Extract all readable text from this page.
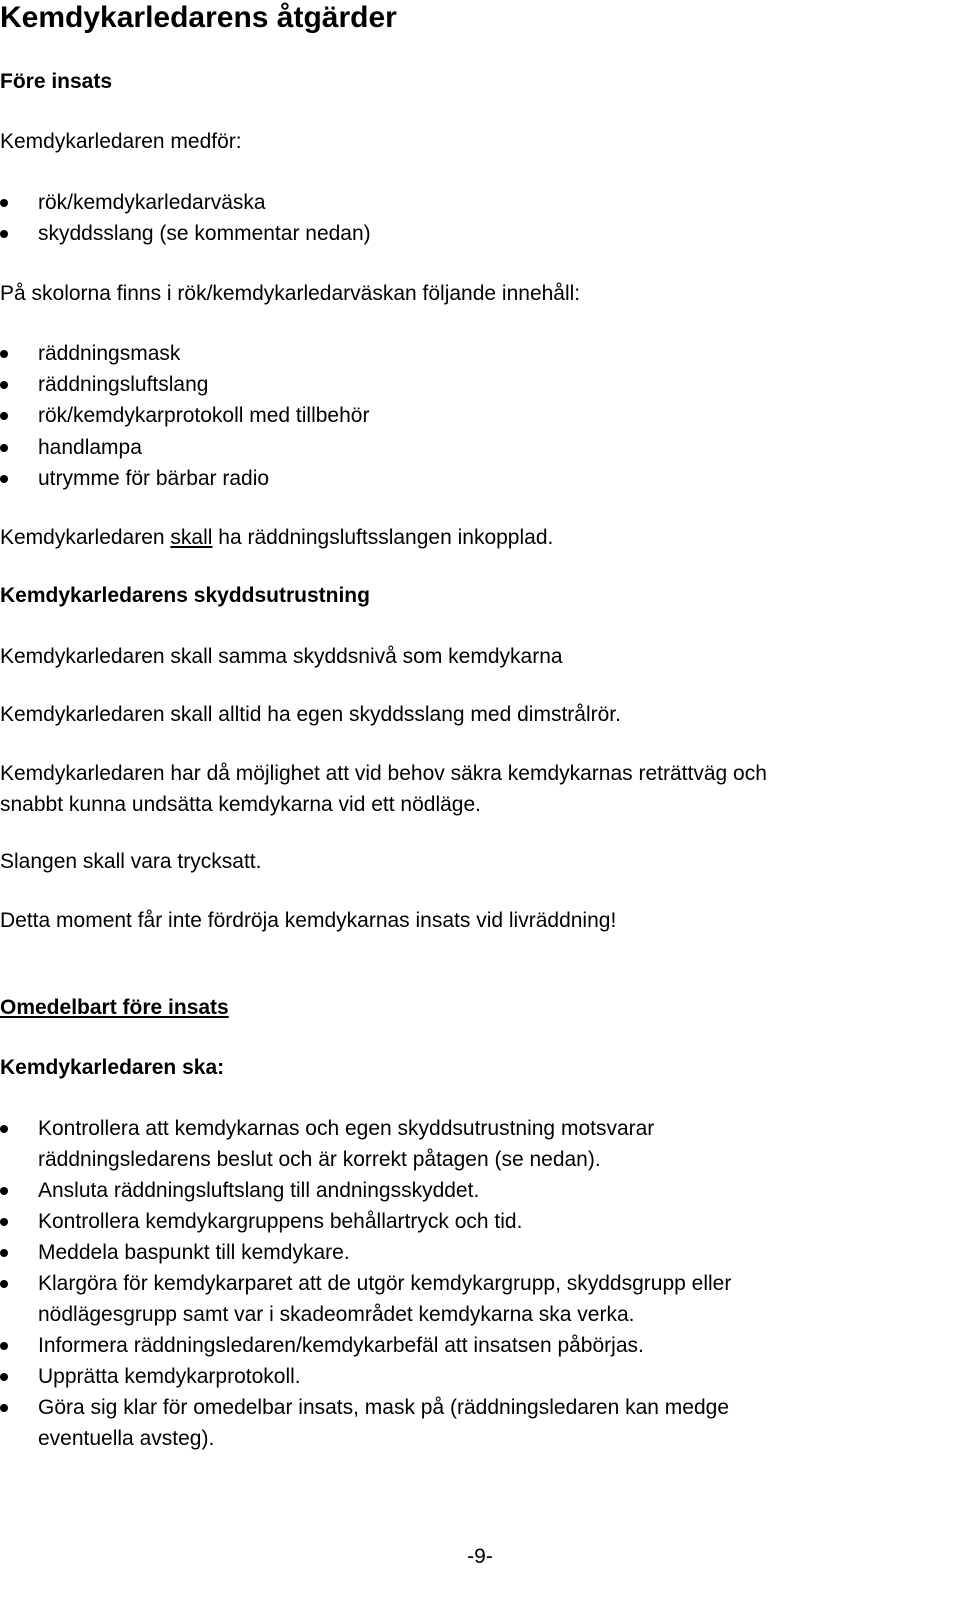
Kemdykarledarens åtgärder
Före insats
Kemdykarledaren medför:
rök/kemdykarledarväska
skyddsslang (se kommentar nedan)
På skolorna finns i rök/kemdykarledarväskan följande innehåll:
räddningsmask
räddningsluftslang
rök/kemdykarprotokoll med tillbehör
handlampa
utrymme för bärbar radio
Kemdykarledaren skall ha räddningsluftsslangen inkopplad.
Kemdykarledarens skyddsutrustning
Kemdykarledaren skall samma skyddsnivå som kemdykarna
Kemdykarledaren skall alltid ha egen skyddsslang med dimstrålrör.
Kemdykarledaren har då möjlighet att vid behov säkra kemdykarnas reträttväg och
snabbt kunna undsätta kemdykarna vid ett nödläge.
Slangen skall vara trycksatt.
Detta moment får inte fördröja kemdykarnas insats vid livräddning!
Omedelbart före insats
Kemdykarledaren ska:
Kontrollera att kemdykarnas och egen skyddsutrustning motsvarar
räddningsledarens beslut och är korrekt påtagen (se nedan).
Ansluta räddningsluftslang till andningsskyddet.
Kontrollera kemdykargruppens behållartryck och tid.
Meddela baspunkt till kemdykare.
Klargöra för kemdykarparet att de utgör kemdykargrupp, skyddsgrupp eller
nödlägesgrupp samt var i skadeområdet kemdykarna ska verka.
Informera räddningsledaren/kemdykarbefäl att insatsen påbörjas.
Upprätta kemdykarprotokoll.
Göra sig klar för omedelbar insats, mask på (räddningsledaren kan medge
eventuella avsteg).
-9-
